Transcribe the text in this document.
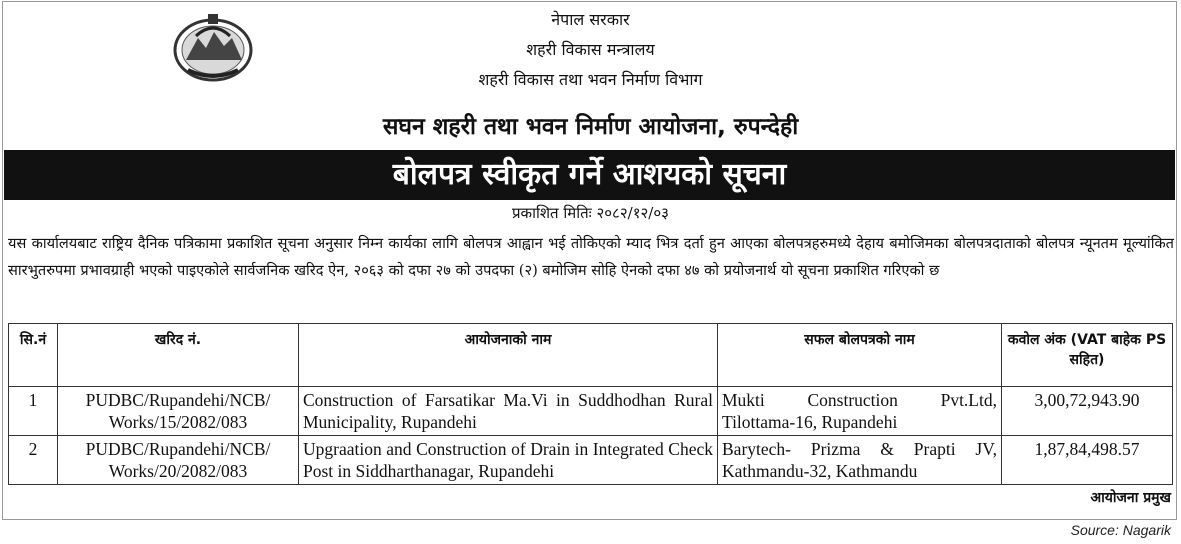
नेपाल सरकार
शहरी विकास मन्त्रालय
शहरी विकास तथा भवन निर्माण विभाग
सघन शहरी तथा भवन निर्माण आयोजना, रुपन्देही
बोलपत्र स्वीकृत गर्ने आशयको सूचना
प्रकाशित मितिः २०८२/१२/०३

यस कार्यालयबाट राष्ट्रिय दैनिक पत्रिकामा प्रकाशित सूचना अनुसार निम्न कार्यका लागि बोलपत्र आह्वान भई तोकिएको म्याद भित्र दर्ता हुन आएका बोलपत्रहरुमध्ये देहाय बमोजिमका बोलपत्रदाताको बोलपत्र न्यूनतम मूल्यांकित सारभुतरुपमा प्रभावग्राही भएको पाइएकोले सार्वजनिक खरिद ऐन, २०६३ को दफा २७ को उपदफा (२) बमोजिम सोहि ऐनको दफा ४७ को प्रयोजनार्थ यो सूचना प्रकाशित गरिएको छ

सि.नं	खरिद नं.	आयोजनाको नाम	सफल बोलपत्रको नाम	कवोल अंक (VAT बाहेक PS सहित)
1	PUDBC/Rupandehi/NCB/ Works/15/2082/083	Construction of Farsatikar Ma.Vi in Suddhodhan Rural Municipality, Rupandehi	Mukti Construction Pvt.Ltd, Tilottama-16, Rupandehi	3,00,72,943.90
2	PUDBC/Rupandehi/NCB/ Works/20/2082/083	Upgraation and Construction of Drain in Integrated Check Post in Siddharthanagar, Rupandehi	Barytech- Prizma & Prapti JV, Kathmandu-32, Kathmandu	1,87,84,498.57
आयोजना प्रमुख
Source: Nagarik
